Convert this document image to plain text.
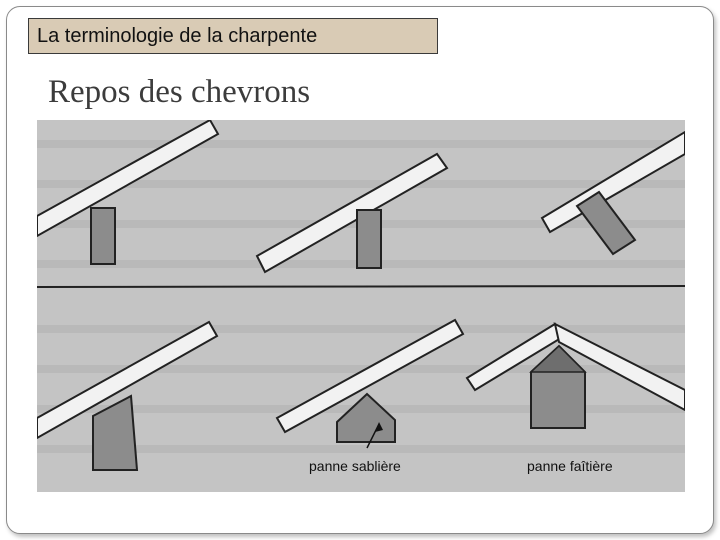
La terminologie de la charpente
Repos des chevrons
panne sablière	panne faîtière
